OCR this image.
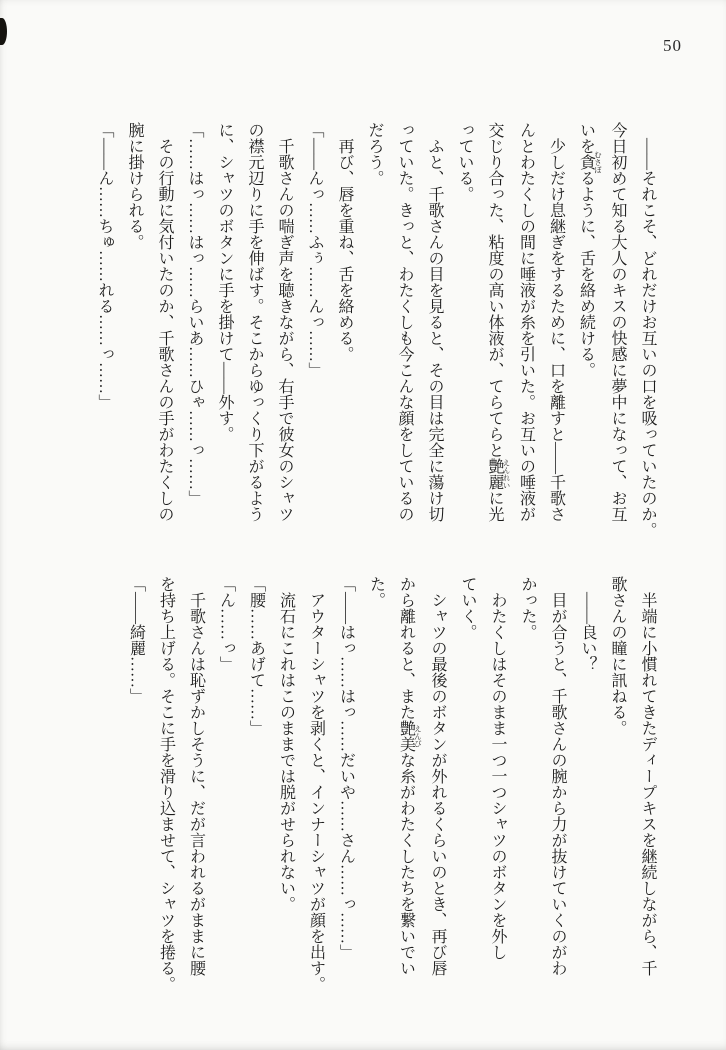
50
　——それこそ、どれだけお互いの口を吸っていたのか。
今日初めて知る大人のキスの快感に夢中になって、お互
いを貪 むさぼるように、舌を絡め続ける。
　少しだけ息継ぎをするために、口を離すと——千歌さ
んとわたくしの間に唾液が糸を引いた。お互いの唾液が
交じり合った、粘度の高い体液が、てらてらと艶麗 えんれいに光
っている。
　ふと、千歌さんの目を見ると、その目は完全に蕩け切
っていた。きっと、わたくしも今こんな顔をしているの
だろう。
　再び、唇を重ね、舌を絡める。
「——んっ……ふぅ……んっ……」
　千歌さんの喘ぎ声を聴きながら、右手で彼女のシャツ
の襟元辺りに手を伸ばす。そこからゆっくり下がるよう
に、シャツのボタンに手を掛けて——外す。
「……はっ……はっ……らいあ……ひゃ……っ……」
　その行動に気付いたのか、千歌さんの手がわたくしの
腕に掛けられる。
「——ん……ちゅ……れる……っ……」
　半端に小慣れてきたディープキスを継続しながら、千
歌さんの瞳に訊ねる。
　——良い？
　目が合うと、千歌さんの腕から力が抜けていくのがわ
かった。
　わたくしはそのまま一つ一つシャツのボタンを外し
ていく。
　シャツの最後のボタンが外れるくらいのとき、再び唇
から離れると、また艶美 えんびな糸がわたくしたちを繋いでい
た。
「——はっ……はっ……だいや……さん……っ……」
　アウターシャツを剥くと、インナーシャツが顔を出す。
　流石にこれはこのままでは脱がせられない。
「腰……あげて……」
「ん……っ」
　千歌さんは恥ずかしそうに、だが言われるがままに腰
を持ち上げる。そこに手を滑り込ませて、シャツを捲る。
「——綺麗……」
